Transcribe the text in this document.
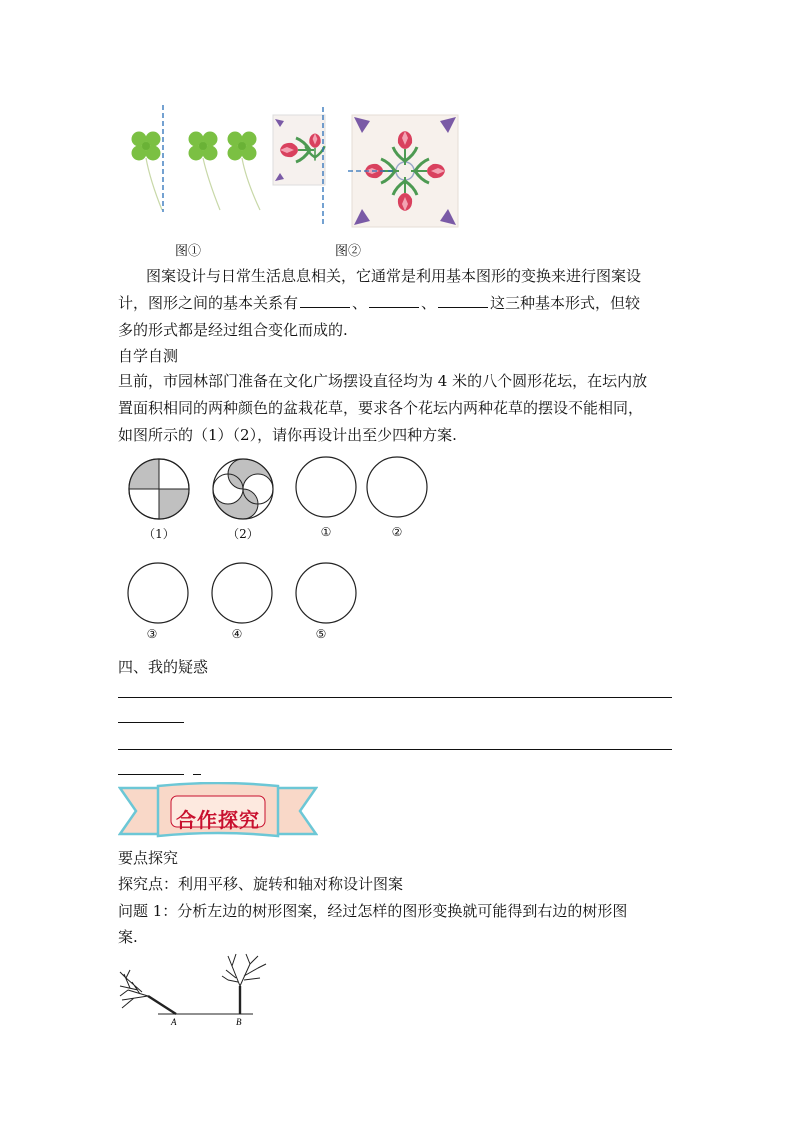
图①	图②
图案设计与日常生活息息相关，它通常是利用基本图形的变换来进行图案设
计，图形之间的基本关系有	、	、	这三种基本形式，但较
多的形式都是经过组合变化而成的.
自学自测
旦前，市园林部门准备在文化广场摆设直径均为 4 米的八个圆形花坛，在坛内放
置面积相同的两种颜色的盆栽花草，要求各个花坛内两种花草的摆设不能相同，
如图所示的（1）（2），请你再设计出至少四种方案.
（1）	（2）	①	②
③	④	⑤
四、我的疑惑
合作探究
要点探究
探究点：利用平移、旋转和轴对称设计图案
问题 1：分析左边的树形图案，经过怎样的图形变换就可能得到右边的树形图
案.
A	B
